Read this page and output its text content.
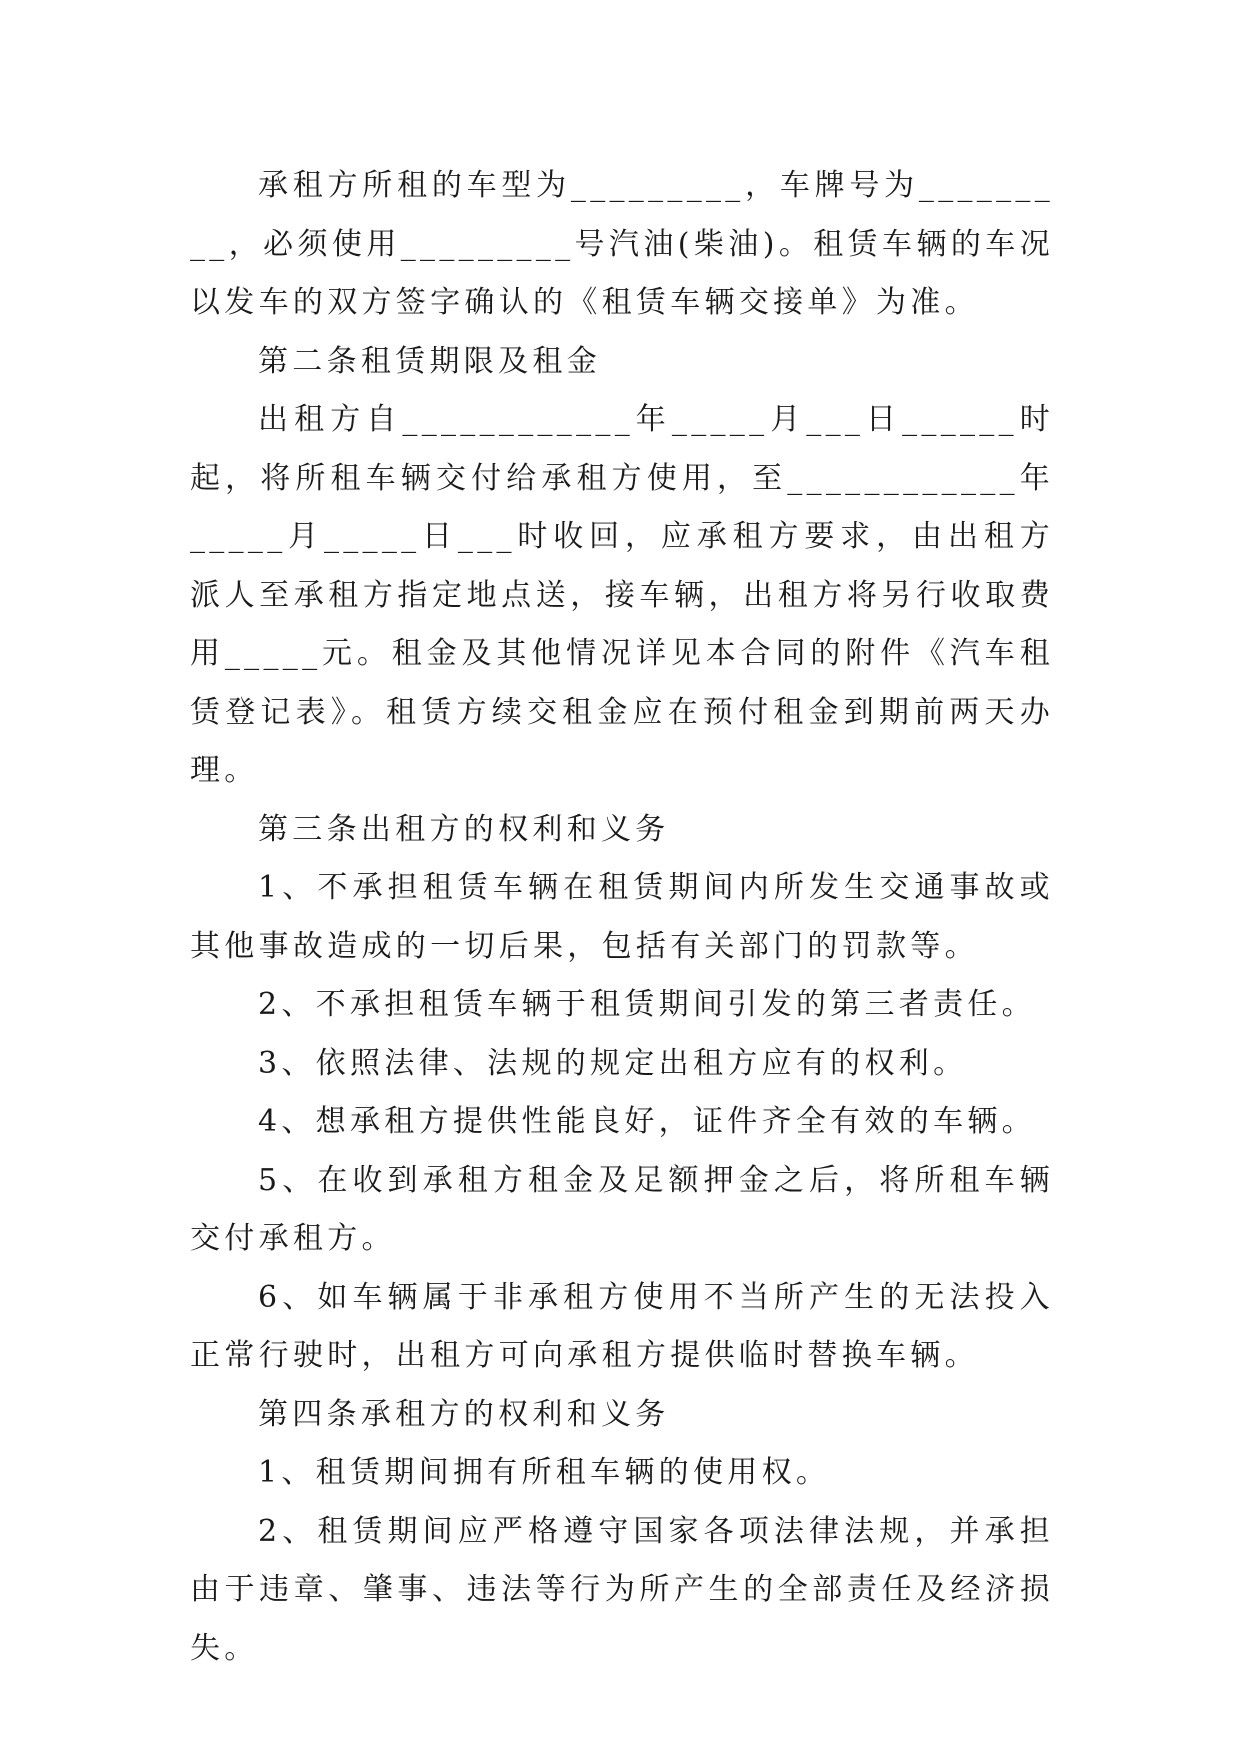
承租方所租的车型为_________，车牌号为_________，必须使用_________号汽油(柴油)。租赁车辆的车况以发车的双方签字确认的《租赁车辆交接单》为准。

第二条租赁期限及租金

出租方自____________年_____月___日______时起，将所租车辆交付给承租方使用，至____________年_____月_____日___时收回，应承租方要求，由出租方派人至承租方指定地点送，接车辆，出租方将另行收取费用_____元。租金及其他情况详见本合同的附件《汽车租赁登记表》。租赁方续交租金应在预付租金到期前两天办理。

第三条出租方的权利和义务

1、不承担租赁车辆在租赁期间内所发生交通事故或其他事故造成的一切后果，包括有关部门的罚款等。

2、不承担租赁车辆于租赁期间引发的第三者责任。

3、依照法律、法规的规定出租方应有的权利。

4、想承租方提供性能良好，证件齐全有效的车辆。

5、在收到承租方租金及足额押金之后，将所租车辆交付承租方。

6、如车辆属于非承租方使用不当所产生的无法投入正常行驶时，出租方可向承租方提供临时替换车辆。

第四条承租方的权利和义务

1、租赁期间拥有所租车辆的使用权。

2、租赁期间应严格遵守国家各项法律法规，并承担由于违章、肇事、违法等行为所产生的全部责任及经济损失。
